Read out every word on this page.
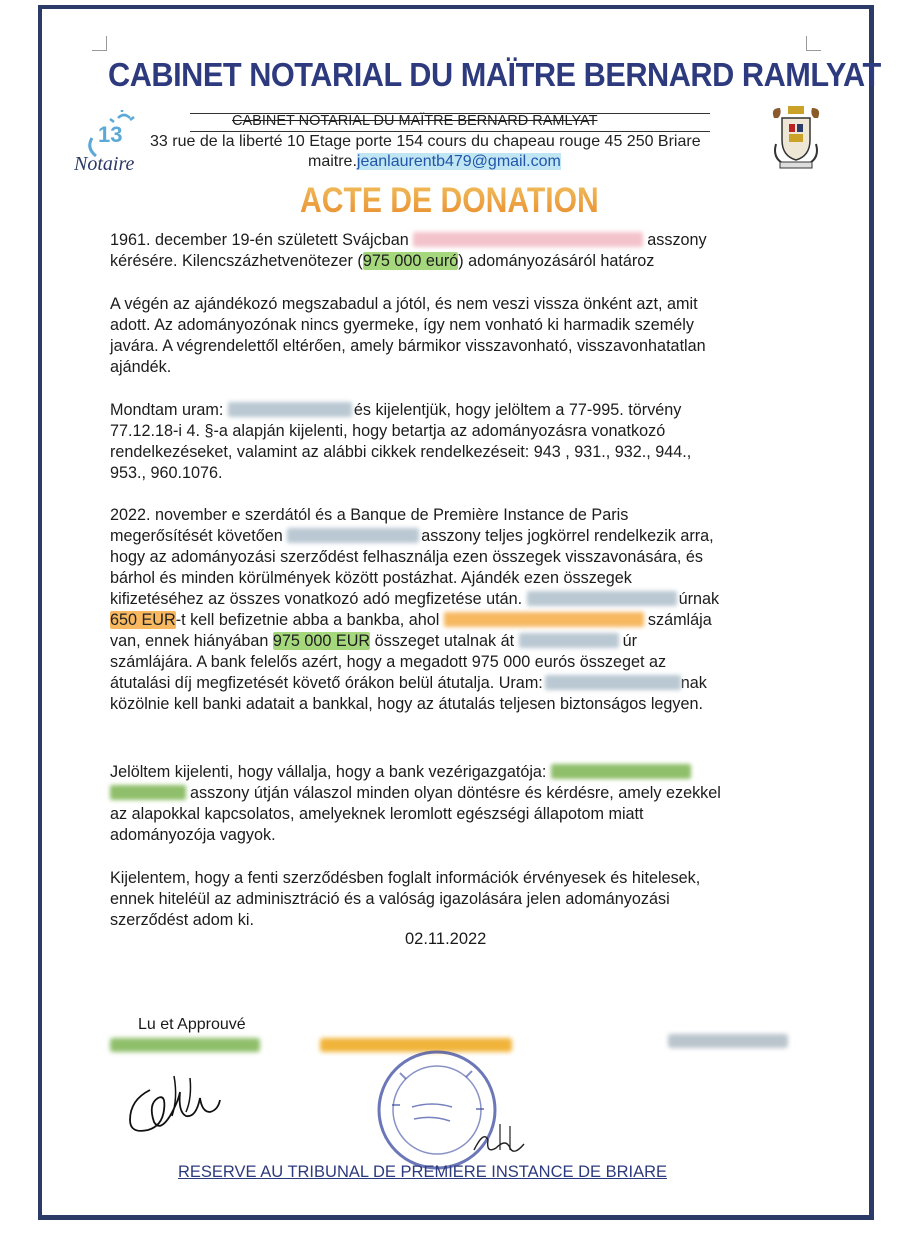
CABINET NOTARIAL DU MAÏTRE BERNARD RAMLYAT
CABINET NOTARIAL DU MAÏTRE BERNARD RAMLYAT
33 rue de la liberté 10 Etage porte 154 cours du chapeau rouge 45 250 Briare
maitre.jeanlaurentb479@gmail.com
13
Notaire
ACTE DE DONATION

1961. december 19-én született Svájcban	asszony

kérésére. Kilencszázhetvenötezer (975 000 euró) adományozásáról határoz

A végén az ajándékozó megszabadul a jótól, és nem veszi vissza önként azt, amit

adott. Az adományozónak nincs gyermeke, így nem vonható ki harmadik személy

javára. A végrendelettől eltérően, amely bármikor visszavonható, visszavonhatatlan

ajándék.

Mondtam uram:	és kijelentjük, hogy jelöltem a 77-995. törvény

77.12.18-i 4. §-a alapján kijelenti, hogy betartja az adományozásra vonatkozó

rendelkezéseket, valamint az alábbi cikkek rendelkezéseit: 943 , 931., 932., 944.,

953., 960.1076.

2022. november e szerdától és a Banque de Première Instance de Paris

megerősítését követően	asszony teljes jogkörrel rendelkezik arra,

hogy az adományozási szerződést felhasználja ezen összegek visszavonására, és

bárhol és minden körülmények között postázhat. Ajándék ezen összegek

kifizetéséhez az összes vonatkozó adó megfizetése után.	úrnak

650 EUR-t kell befizetnie abba a bankba, ahol	számlája

van, ennek hiányában 975 000 EUR összeget utalnak át	úr

számlájára. A bank felelős azért, hogy a megadott 975 000 eurós összeget az

átutalási díj megfizetését követő órákon belül átutalja. Uram:	nak

közölnie kell banki adatait a bankkal, hogy az átutalás teljesen biztonságos legyen.

Jelöltem kijelenti, hogy vállalja, hogy a bank vezérigazgatója:

asszony útján válaszol minden olyan döntésre és kérdésre, amely ezekkel

az alapokkal kapcsolatos, amelyeknek leromlott egészségi állapotom miatt

adományozója vagyok.

Kijelentem, hogy a fenti szerződésben foglalt információk érvényesek és hitelesek,

ennek hiteléül az adminisztráció és a valóság igazolására jelen adományozási

szerződést adom ki.

02.11.2022
Lu et Approuvé
RESERVE AU TRIBUNAL DE PREMIERE INSTANCE DE BRIARE
